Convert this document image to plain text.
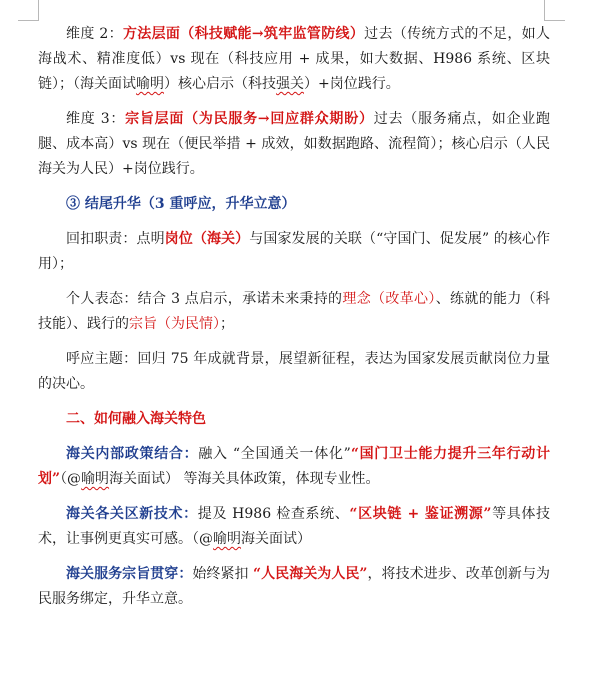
维度 2：方法层面（科技赋能→筑牢监管防线）过去（传统方式的不足，如人海战术、精准度低）vs 现在（科技应用 + 成果，如大数据、H986 系统、区块链）；（海关面试喻明）核心启示（科技强关）+岗位践行。

维度 3：宗旨层面（为民服务→回应群众期盼）过去（服务痛点，如企业跑腿、成本高）vs 现在（便民举措 + 成效，如数据跑路、流程简）；核心启示（人民海关为人民）+岗位践行。

③ 结尾升华（3 重呼应，升华立意）

回扣职责：点明岗位（海关）与国家发展的关联（“守国门、促发展” 的核心作用）；

个人表态：结合 3 点启示，承诺未来秉持的理念（改革心）、练就的能力（科技能）、践行的宗旨（为民情）；

呼应主题：回归 75 年成就背景，展望新征程，表达为国家发展贡献岗位力量的决心。

二、如何融入海关特色

海关内部政策结合：融入 “全国通关一体化”“国门卫士能力提升三年行动计划”（@喻明海关面试） 等海关具体政策，体现专业性。

海关各关区新技术：提及 H986 检查系统、“区块链 + 鉴证溯源”等具体技术，让事例更真实可感。（@喻明海关面试）

海关服务宗旨贯穿：始终紧扣 “人民海关为人民”，将技术进步、改革创新与为民服务绑定，升华立意。
